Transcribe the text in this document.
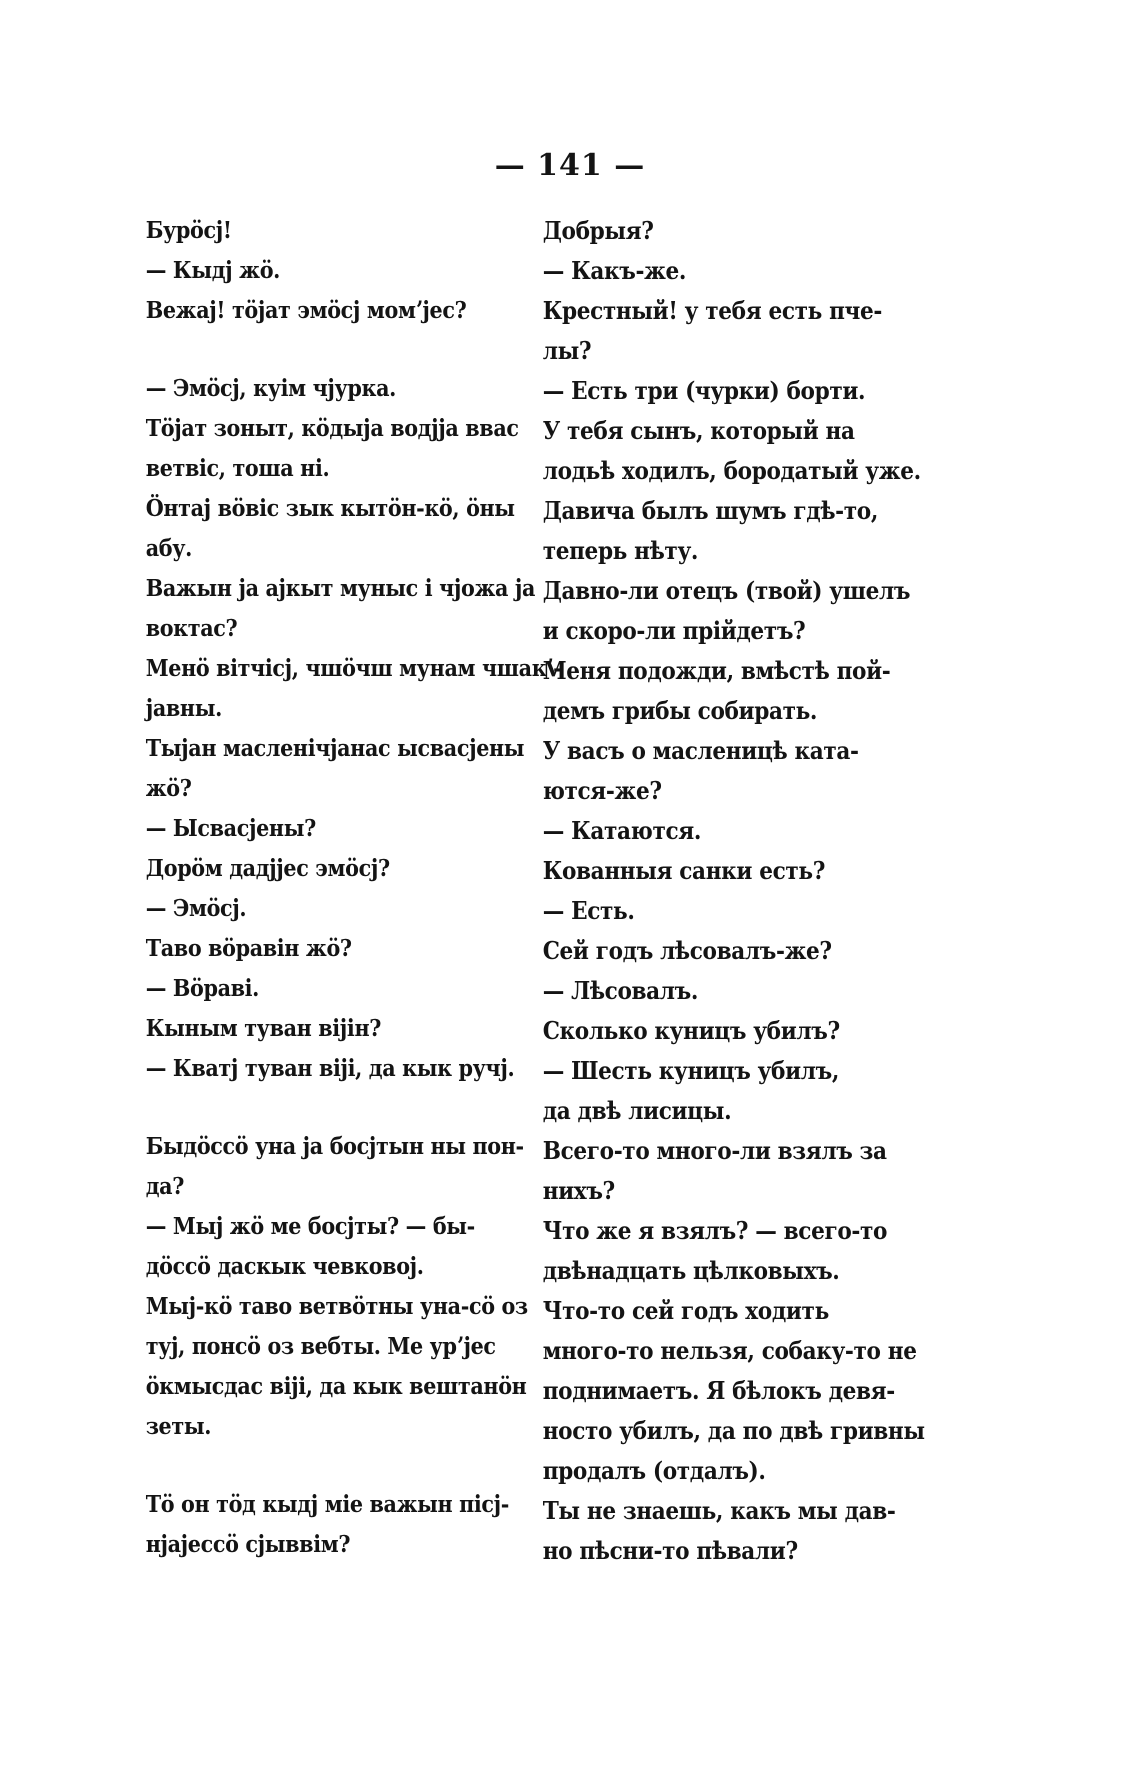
— 141 —
Бурӧсj!
— Кыдj жӧ.
Вежаj! тӧjат эмӧсj момʼjес?
— Эмӧсj, куім чjурка.
Тӧjат зоныт, кӧдыjа водjjа ввас
ветвіс, тоша ні.
Ӧнтаj вӧвіс зык кытӧн-кӧ, ӧны
абу.
Важын jа аjкыт муныс і чjожа jа
воктас?
Менӧ вітчісj, чшӧчш мунам чшакʼ-
jавны.
Тыjан масленічjанас ысвасjены
жӧ?
— Ысвасjены?
Дорӧм дадjjес эмӧсj?
— Эмӧсj.
Таво вӧравін жӧ?
— Вӧраві.
Кыным туван віjін?
— Кватj туван віjі, да кык ручj.
Быдӧссӧ уна jа босjтын ны пон-
да?
— Мыj жӧ ме босjты? — бы-
дӧссӧ даскык чевковоj.
Мыj-кӧ таво ветвӧтны уна-сӧ оз
туj, понсӧ оз вебты. Ме урʼjес
ӧкмысдас віjі, да кык вештанӧн
зеты.
Тӧ он тӧд кыдj міе важын пісj-
нjаjессӧ сjыввім?
Добрыя?
— Какъ-же.
Крестный! у тебя есть пче-
лы?
— Есть три (чурки) борти.
У тебя сынъ, который на
лодьѣ ходилъ, бородатый уже.
Давича былъ шумъ гдѣ-то,
теперь нѣту.
Давно-ли отецъ (твой) ушелъ
и скоро-ли прійдетъ?
Меня подожди, вмѣстѣ пой-
демъ грибы собирать.
У васъ о масленицѣ ката-
ются-же?
— Катаются.
Кованныя санки есть?
— Есть.
Сей годъ лѣсовалъ-же?
— Лѣсовалъ.
Сколько куницъ убилъ?
— Шесть куницъ убилъ,
да двѣ лисицы.
Всего-то много-ли взялъ за
нихъ?
Что же я взялъ? — всего-то
двѣнадцать цѣлковыхъ.
Что-то сей годъ ходить
много-то нельзя, собаку-то не
поднимаетъ. Я бѣлокъ девя-
носто убилъ, да по двѣ гривны
продалъ (отдалъ).
Ты не знаешь, какъ мы дав-
но пѣсни-то пѣвали?
